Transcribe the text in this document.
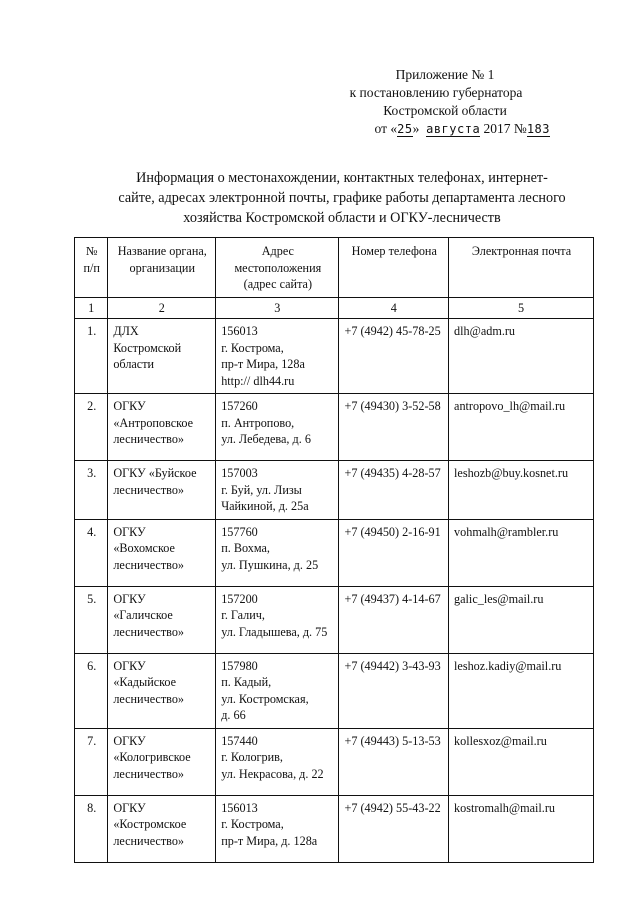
Приложение № 1
к постановлению губернатора
Костромской области
от «25» августа 2017 №183
Информация о местонахождении, контактных телефонах, интернет-
сайте, адресах электронной почты, графике работы департамента лесного
хозяйства Костромской области и ОГКУ-лесничеств
№
п/п	Название органа,
организации	Адрес
местоположения
(адрес сайта)	Номер телефона	Электронная почта
1	2	3	4	5
1.	ДЛХ
Костромской
области	156013
г. Кострома,
пр-т Мира, 128а
http:// dlh44.ru	+7 (4942) 45-78-25	dlh@adm.ru
2.	ОГКУ
«Антроповское
лесничество»	157260
п. Антропово,
ул. Лебедева, д. 6	+7 (49430) 3-52-58	antropovo_lh@mail.ru
3.	ОГКУ «Буйское
лесничество»	157003
г. Буй, ул. Лизы
Чайкиной, д. 25а	+7 (49435) 4-28-57	leshozb@buy.kosnet.ru
4.	ОГКУ
«Вохомское
лесничество»	157760
п. Вохма,
ул. Пушкина, д. 25	+7 (49450) 2-16-91	vohmalh@rambler.ru
5.	ОГКУ
«Галичское
лесничество»	157200
г. Галич,
ул. Гладышева, д. 75	+7 (49437) 4-14-67	galic_les@mail.ru
6.	ОГКУ
«Кадыйское
лесничество»	157980
п. Кадый,
ул. Костромская,
д. 66	+7 (49442) 3-43-93	leshoz.kadiy@mail.ru
7.	ОГКУ
«Кологривское
лесничество»	157440
г. Кологрив,
ул. Некрасова, д. 22	+7 (49443) 5-13-53	kollesxoz@mail.ru
8.	ОГКУ
«Костромское
лесничество»	156013
г. Кострома,
пр-т Мира, д. 128а	+7 (4942) 55-43-22	kostromalh@mail.ru
